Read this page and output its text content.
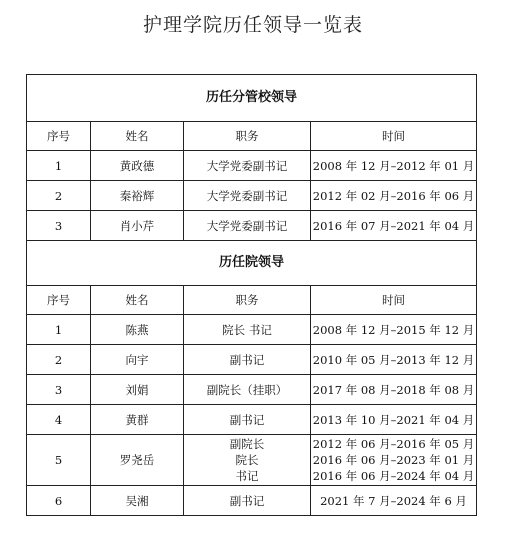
护理学院历任领导一览表
历任分管校领导			
序号	姓名	职务	时间
1	黄政德	大学党委副书记	2008 年 12 月–2012 年 01 月

2	秦裕辉	大学党委副书记	2012 年 02 月–2016 年 06 月

3	肖小芹	大学党委副书记	2016 年 07 月–2021 年 04 月

历任院领导			
序号	姓名	职务	时间
1	陈燕	院长 书记	2008 年 12 月–2015 年 12 月

2	向宇	副书记	2010 年 05 月–2013 年 12 月

3	刘娟	副院长（挂职）	2017 年 08 月–2018 年 08 月

4	黄群	副书记	2013 年 10 月–2021 年 04 月

5	罗尧岳	副院长
院长
书记	2012 年 06 月–2016 年 05 月
2016 年 06 月–2023 年 01 月
2016 年 06 月–2024 年 04 月

6	吴湘	副书记	2021 年 7 月–2024 年 6 月
